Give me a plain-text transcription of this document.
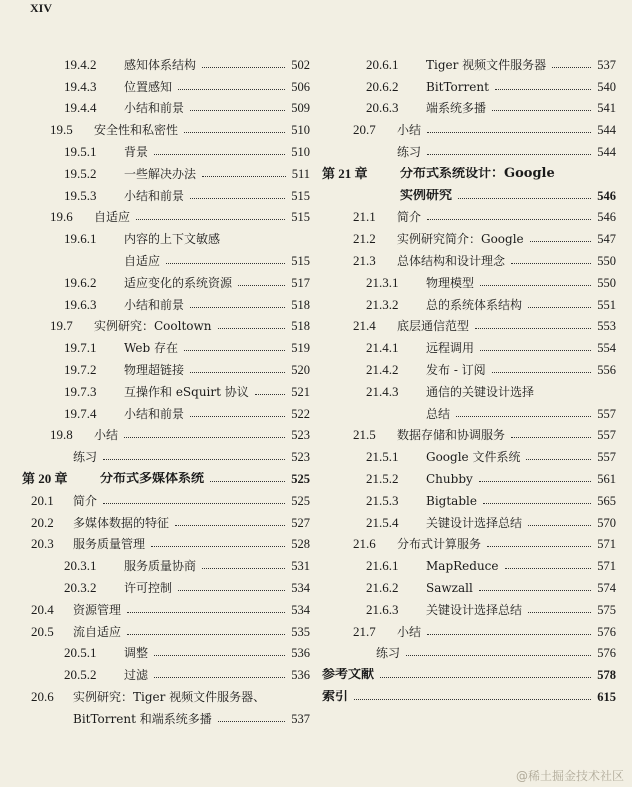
XIV
19.4.2	感知体系结构	502
19.4.3	位置感知	506
19.4.4	小结和前景	509
19.5	安全性和私密性	510
19.5.1	背景	510
19.5.2	一些解决办法	511
19.5.3	小结和前景	515
19.6	自适应	515
19.6.1	内容的上下文敏感
自适应	515
19.6.2	适应变化的系统资源	517
19.6.3	小结和前景	518
19.7	实例研究：Cooltown	518
19.7.1	Web 存在	519
19.7.2	物理超链接	520
19.7.3	互操作和 eSquirt 协议	521
19.7.4	小结和前景	522
19.8	小结	523
练习	523
第 20 章	分布式多媒体系统	525
20.1	简介	525
20.2	多媒体数据的特征	527
20.3	服务质量管理	528
20.3.1	服务质量协商	531
20.3.2	许可控制	534
20.4	资源管理	534
20.5	流自适应	535
20.5.1	调整	536
20.5.2	过滤	536
20.6	实例研究：Tiger 视频文件服务器、
BitTorrent 和端系统多播	537
20.6.1	Tiger 视频文件服务器	537
20.6.2	BitTorrent	540
20.6.3	端系统多播	541
20.7	小结	544
练习	544
第 21 章	分布式系统设计：Google
实例研究	546
21.1	简介	546
21.2	实例研究简介：Google	547
21.3	总体结构和设计理念	550
21.3.1	物理模型	550
21.3.2	总的系统体系结构	551
21.4	底层通信范型	553
21.4.1	远程调用	554
21.4.2	发布 - 订阅	556
21.4.3	通信的关键设计选择
总结	557
21.5	数据存储和协调服务	557
21.5.1	Google 文件系统	557
21.5.2	Chubby	561
21.5.3	Bigtable	565
21.5.4	关键设计选择总结	570
21.6	分布式计算服务	571
21.6.1	MapReduce	571
21.6.2	Sawzall	574
21.6.3	关键设计选择总结	575
21.7	小结	576
练习	576
参考文献	578
索引	615
@稀土掘金技术社区
